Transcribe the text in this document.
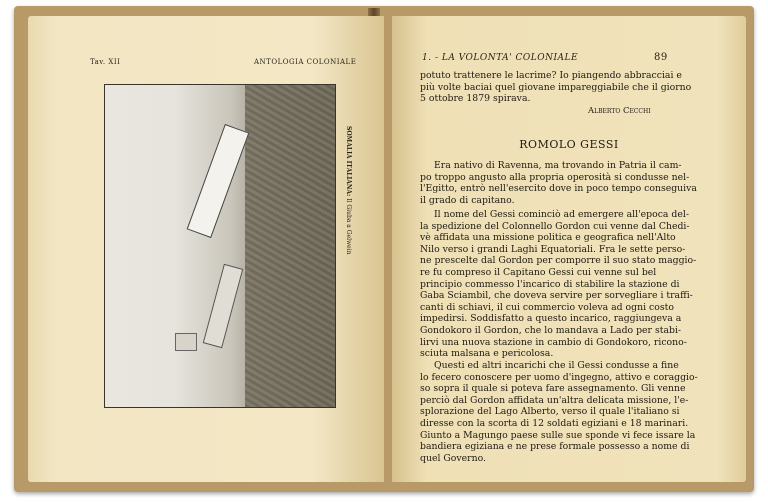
Tav. XII	ANTOLOGIA COLONIALE
SOMALIA ITALIANA: Il Giuba a Gelwein
1. - LA VOLONTA' COLONIALE	89

potuto trattenere le lacrime? Io piangendo abbracciai e

più volte baciai quel giovane impareggiabile che il giorno

5 ottobre 1879 spirava.

Alberto Cecchi
ROMOLO GESSI

Era nativo di Ravenna, ma trovando in Patria il cam-

po troppo angusto alla propria operosità si condusse nel-

l'Egitto, entrò nell'esercito dove in poco tempo conseguiva

il grado di capitano.

Il nome del Gessi cominciò ad emergere all'epoca del-

la spedizione del Colonnello Gordon cui venne dal Chedi-

vè affidata una missione politica e geografica nell'Alto

Nilo verso i grandi Laghi Equatoriali. Fra le sette perso-

ne prescelte dal Gordon per comporre il suo stato maggio-

re fu compreso il Capitano Gessi cui venne sul bel

principio commesso l'incarico di stabilire la stazione di

Gaba Sciambil, che doveva servire per sorvegliare i traffi-

canti di schiavi, il cui commercio voleva ad ogni costo

impedirsi. Soddisfatto a questo incarico, raggiungeva a

Gondokoro il Gordon, che lo mandava a Lado per stabi-

lirvi una nuova stazione in cambio di Gondokoro, ricono-

sciuta malsana e pericolosa.

Questi ed altri incarichi che il Gessi condusse a fine

lo fecero conoscere per uomo d'ingegno, attivo e coraggio-

so sopra il quale si poteva fare assegnamento. Gli venne

perciò dal Gordon affidata un'altra delicata missione, l'e-

splorazione del Lago Alberto, verso il quale l'italiano si

diresse con la scorta di 12 soldati egiziani e 18 marinari.

Giunto a Magungo paese sulle sue sponde vi fece issare la

bandiera egiziana e ne prese formale possesso a nome di

quel Governo.
